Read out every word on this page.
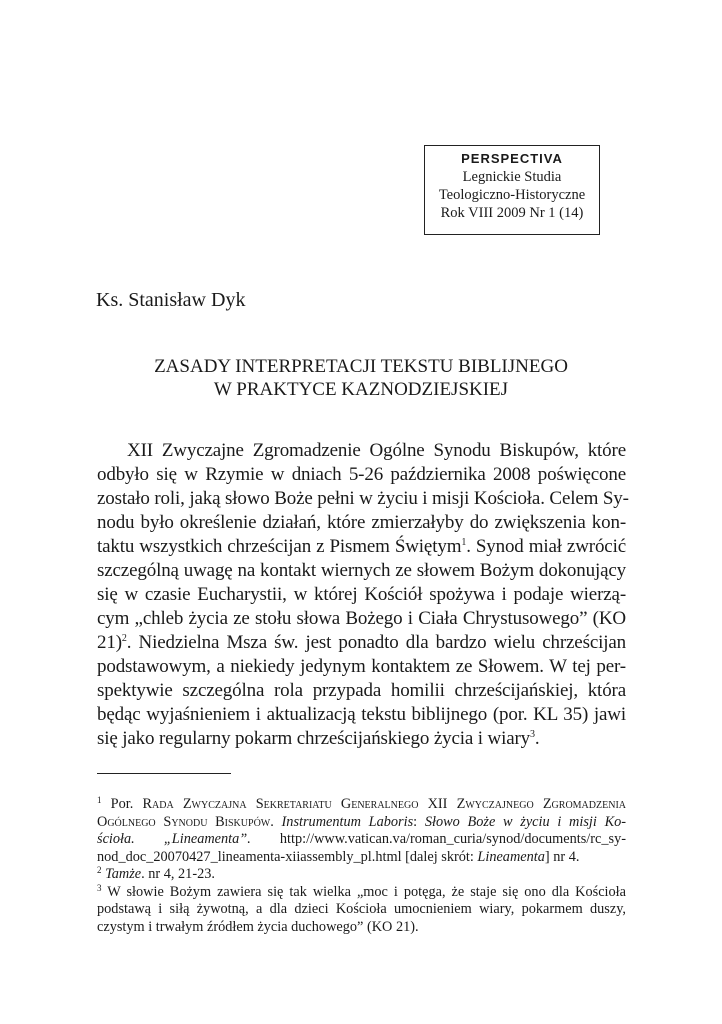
PERSPECTIVA
Legnickie Studia
Teologiczno-Historyczne
Rok VIII 2009 Nr 1 (14)

Ks. Stanisław Dyk

ZASADY INTERPRETACJI TEKSTU BIBLIJNEGO
W PRAKTYCE KAZNODZIEJSKIEJ
XII Zwyczajne Zgromadzenie Ogólne Synodu Biskupów, które
odbyło się w Rzymie w dniach 5-26 października 2008 poświęcone
zostało roli, jaką słowo Boże pełni w życiu i misji Kościoła. Celem Sy-
nodu było określenie działań, które zmierzałyby do zwiększenia kon-
taktu wszystkich chrześcijan z Pismem Świętym$^1$. Synod miał zwrócić
szczególną uwagę na kontakt wiernych ze słowem Bożym dokonujący
się w czasie Eucharystii, w której Kościół spożywa i podaje wierzą-
cym „chleb życia ze stołu słowa Bożego i Ciała Chrystusowego” (KO
21)$^2$. Niedzielna Msza św. jest ponadto dla bardzo wielu chrześcijan
podstawowym, a niekiedy jedynym kontaktem ze Słowem. W tej per-
spektywie szczególna rola przypada homilii chrześcijańskiej, która
będąc wyjaśnieniem i aktualizacją tekstu biblijnego (por. KL 35) jawi
się jako regularny pokarm chrześcijańskiego życia i wiary$^3$.
$^1$ Por. Rada Zwyczajna Sekretariatu Generalnego XII Zwyczajnego Zgromadzenia
Ogólnego Synodu Biskupów. Instrumentum Laboris: Słowo Boże w życiu i misji Ko-
ścioła. „Lineamenta”. http://www.vatican.va/roman_curia/synod/documents/rc_sy-
nod_doc_20070427_lineamenta-xiiassembly_pl.html [dalej skrót: Lineamenta] nr 4.
$^2$ Tamże. nr 4, 21-23.
$^3$ W słowie Bożym zawiera się tak wielka „moc i potęga, że staje się ono dla Kościoła
podstawą i siłą żywotną, a dla dzieci Kościoła umocnieniem wiary, pokarmem duszy,
czystym i trwałym źródłem życia duchowego” (KO 21).
